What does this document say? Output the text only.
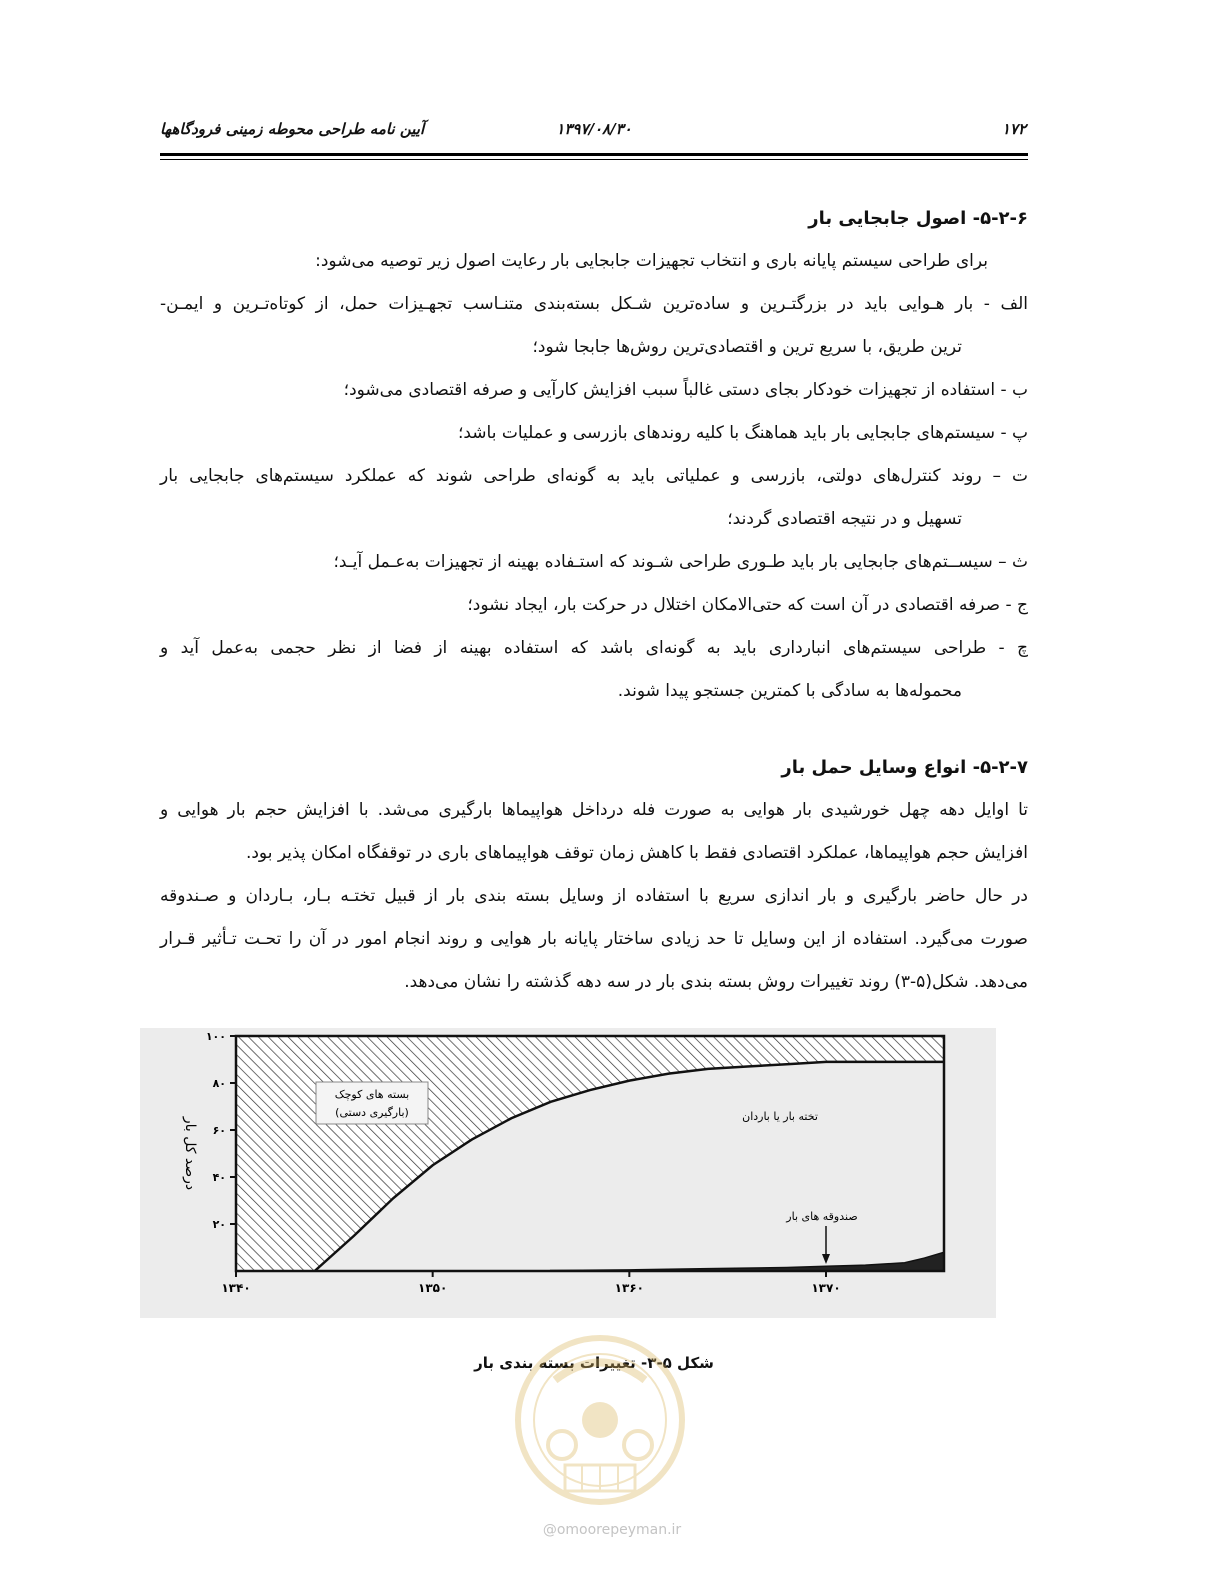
۱۷۲
۱۳۹۷/۰۸/۳۰
آیین نامه طراحی محوطه زمینی فرودگاهها
۵-۲-۶- اصول جابجایی بار
برای طراحی سیستم پایانه باری و انتخاب تجهیزات جابجایی بار رعایت اصول زیر توصیه می‌شود:
الف - بار هـوایی باید در بزرگتـرین و ساده‌ترین شـکل بسته‌بندی متنـاسب تجهـیزات حمل، از کوتاه‌تـرین و ایمـن-
ترین طریق، با سریع ترین و اقتصادی‌ترین روش‌ها جابجا شود؛
ب - استفاده از تجهیزات خودکار بجای دستی غالباً سبب افزایش کارآیی و صرفه اقتصادی می‌شود؛
پ - سیستم‌های جابجایی بار باید هماهنگ با کلیه روندهای بازرسی و عملیات باشد؛
ت – روند کنترل‌های دولتی، بازرسی و عملیاتی باید به گونه‌ای طراحی شوند که عملکرد سیستم‌های جابجایی بار
تسهیل و در نتیجه اقتصادی گردند؛
ث – سیســتم‌های جابجایی بار باید طـوری طراحی شـوند که استـفاده بهینه از تجهیزات به‌عـمل آیـد؛
ج - صرفه اقتصادی در آن است که حتی‌الامکان اختلال در حرکت بار، ایجاد نشود؛
چ - طراحی سیستم‌های انبارداری باید به گونه‌ای باشد که استفاده بهینه از فضا از نظر حجمی به‌عمل آید و
محموله‌ها به سادگی با کمترین جستجو پیدا شوند.
۵-۲-۷- انواع وسایل حمل بار
تا اوایل دهه چهل خورشیدی بار هوایی به صورت فله درداخل هواپیماها بارگیری می‌شد. با افزایش حجم بار هوایی و
افزایش حجم هواپیماها، عملکرد اقتصادی فقط با کاهش زمان توقف هواپیماهای باری در توقفگاه امکان پذیر بود.
در حال حاضر بارگیری و بار اندازی سریع با استفاده از وسایل بسته بندی بار از قبیل تختـه بـار، بـاردان و صـندوقه
صورت می‌گیرد. استفاده از این وسایل تا حد زیادی ساختار پایانه بار هوایی و روند انجام امور در آن را تحـت تـأثیر قـرار
می‌دهد. شکل(۵-۳) روند تغییرات روش بسته بندی بار در سه دهه گذشته را نشان می‌دهد.
۱۳۴۰	۱۳۵۰	۱۳۶۰	۱۳۷۰
۲۰
۴۰
۶۰
۸۰
۱۰۰
درصد کل بار
بسته های کوچک
(بارگیری دستی)	تخته بار یا باردان
صندوقه های بار
شکل ۵-۳- تغییرات بسته بندی بار
@omoorepeyman.ir
